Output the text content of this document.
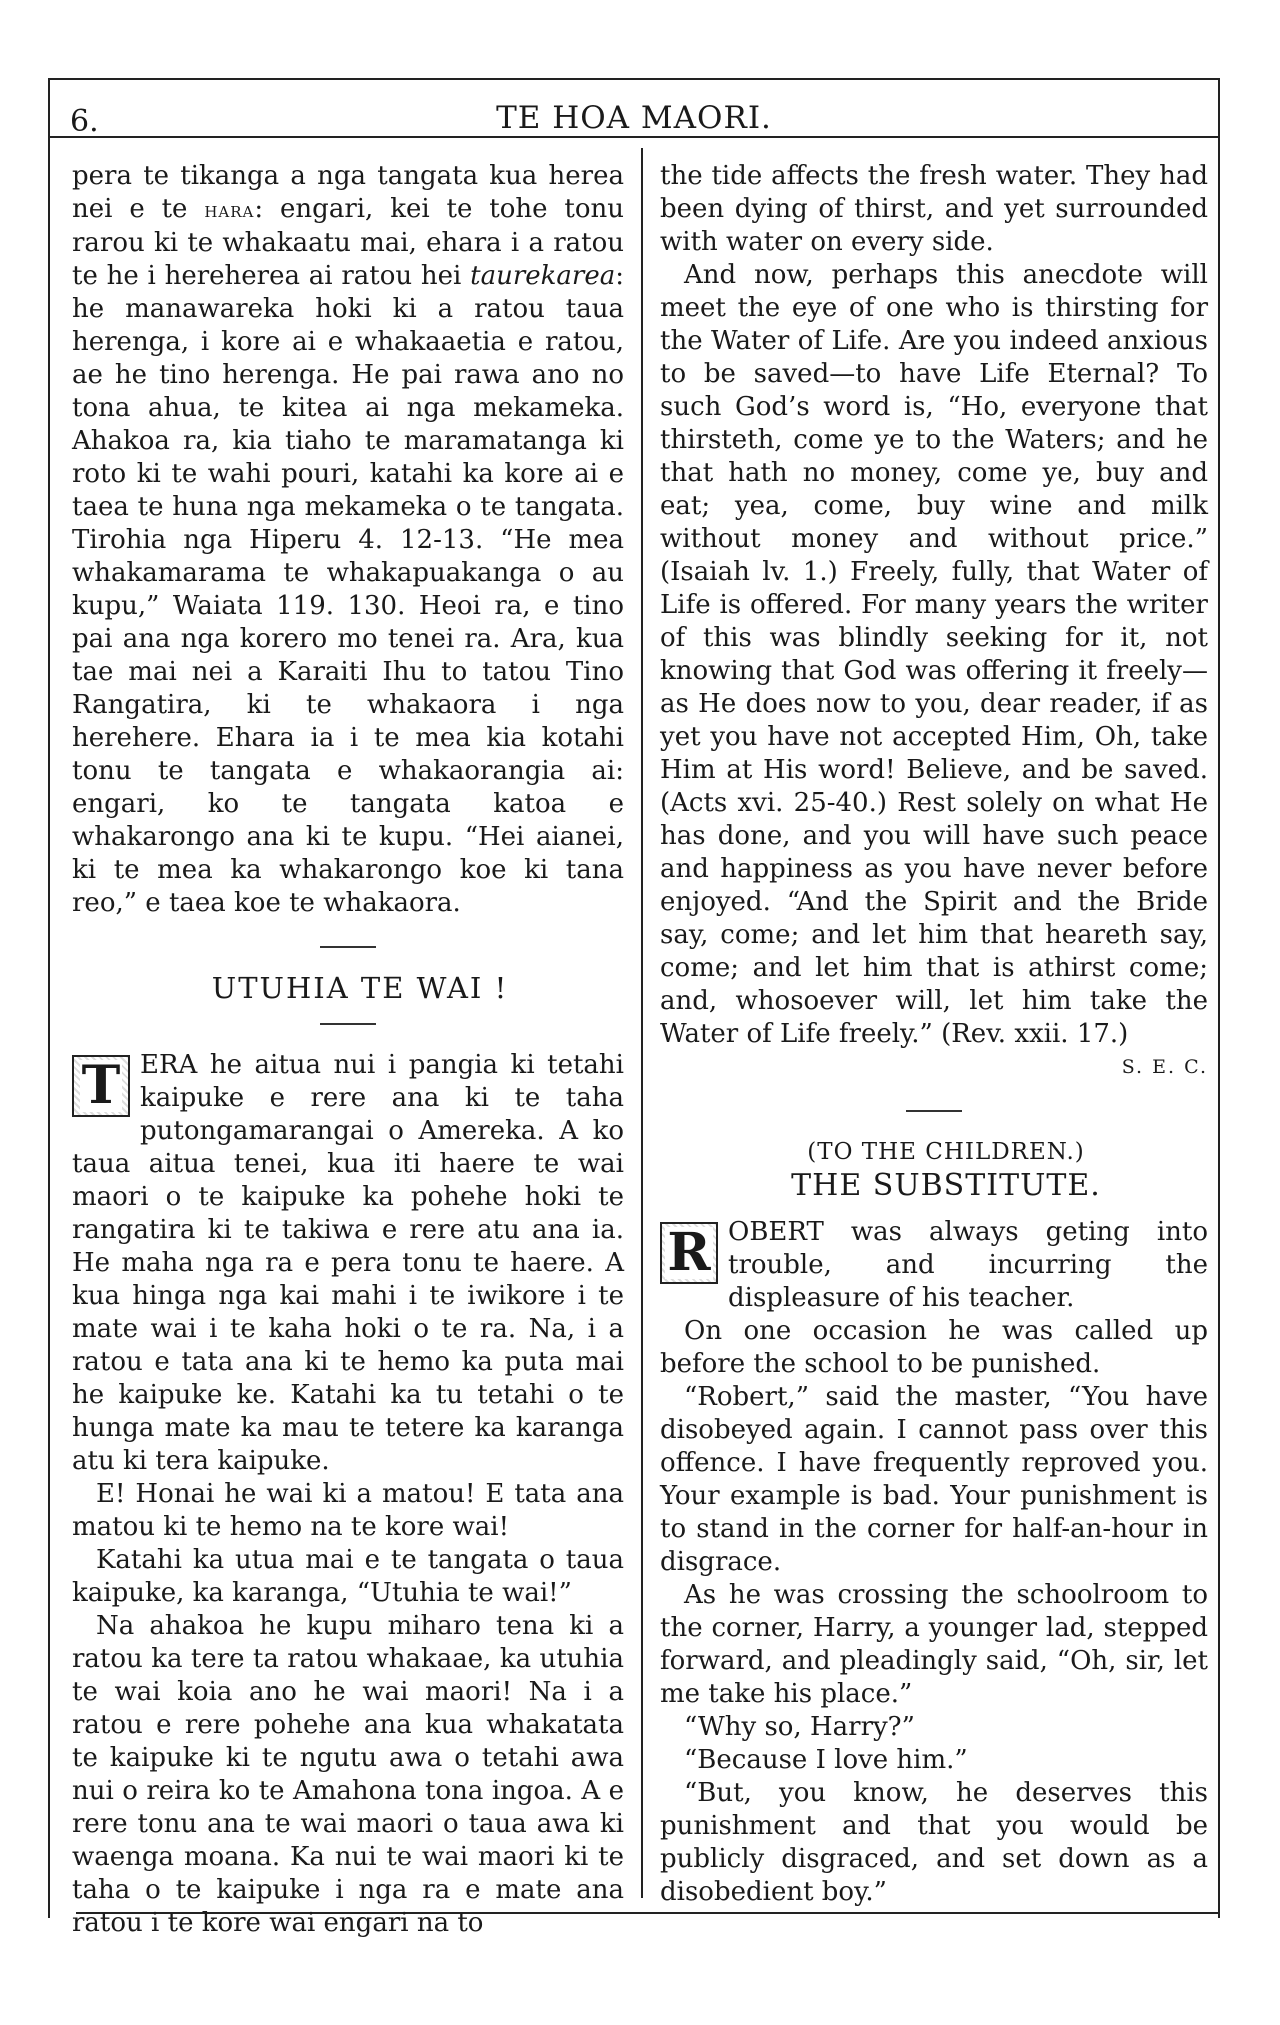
6.	TE HOA MAORI.

pera te tikanga a nga tangata kua herea nei e te hara: engari, kei te tohe tonu rarou ki te whakaatu mai, ehara i a ratou te he i hereherea ai ratou hei taurekarea: he manawareka hoki ki a ratou taua herenga, i kore ai e whakaaetia e ratou, ae he tino herenga. He pai rawa ano no tona ahua, te kitea ai nga mekameka. Ahakoa ra, kia tiaho te maramatanga ki roto ki te wahi pouri, katahi ka kore ai e taea te huna nga mekameka o te tangata. Tirohia nga Hiperu 4. 12-13. “He mea whakamarama te whakapuakanga o au kupu,” Waiata 119. 130. Heoi ra, e tino pai ana nga korero mo tenei ra. Ara, kua tae mai nei a Karaiti Ihu to tatou Tino Rangatira, ki te whakaora i nga herehere. Ehara ia i te mea kia kotahi tonu te tangata e whakaorangia ai: engari, ko te tangata katoa e whakarongo ana ki te kupu. “Hei aianei, ki te mea ka whakarongo koe ki tana reo,” e taea koe te whakaora.

UTUHIA TE WAI !

T ERA he aitua nui i pangia ki tetahi kaipuke e rere ana ki te taha putongamarangai o Amereka. A ko taua aitua tenei, kua iti haere te wai maori o te kaipuke ka pohehe hoki te rangatira ki te takiwa e rere atu ana ia. He maha nga ra e pera tonu te haere. A kua hinga nga kai mahi i te iwikore i te mate wai i te kaha hoki o te ra. Na, i a ratou e tata ana ki te hemo ka puta mai he kaipuke ke. Katahi ka tu tetahi o te hunga mate ka mau te tetere ka karanga atu ki tera kaipuke.

E! Honai he wai ki a matou! E tata ana matou ki te hemo na te kore wai!

Katahi ka utua mai e te tangata o taua kaipuke, ka karanga, “Utuhia te wai!”

Na ahakoa he kupu miharo tena ki a ratou ka tere ta ratou whakaae, ka utuhia te wai koia ano he wai maori! Na i a ratou e rere pohehe ana kua whakatata te kaipuke ki te ngutu awa o tetahi awa nui o reira ko te Amahona tona ingoa. A e rere tonu ana te wai maori o taua awa ki waenga moana. Ka nui te wai maori ki te taha o te kaipuke i nga ra e mate ana ratou i te kore wai engari na to

the tide affects the fresh water. They had been dying of thirst, and yet surrounded with water on every side.

And now, perhaps this anecdote will meet the eye of one who is thirsting for the Water of Life. Are you indeed anxious to be saved—to have Life Eternal? To such God’s word is, “Ho, everyone that thirsteth, come ye to the Waters; and he that hath no money, come ye, buy and eat; yea, come, buy wine and milk without money and without price.” (Isaiah lv. 1.) Freely, fully, that Water of Life is offered. For many years the writer of this was blindly seeking for it, not knowing that God was offering it freely—as He does now to you, dear reader, if as yet you have not accepted Him, Oh, take Him at His word! Believe, and be saved. (Acts xvi. 25-40.) Rest solely on what He has done, and you will have such peace and happiness as you have never before enjoyed. “And the Spirit and the Bride say, come; and let him that heareth say, come; and let him that is athirst come; and, whosoever will, let him take the Water of Life freely.” (Rev. xxii. 17.)

S. E. C.

(TO THE CHILDREN.)

THE SUBSTITUTE.

R OBERT was always geting into trouble, and incurring the displeasure of his teacher.

On one occasion he was called up before the school to be punished.

“Robert,” said the master, “You have disobeyed again. I cannot pass over this offence. I have frequently reproved you. Your example is bad. Your punishment is to stand in the corner for half-an-hour in disgrace.

As he was crossing the schoolroom to the corner, Harry, a younger lad, stepped forward, and pleadingly said, “Oh, sir, let me take his place.”

“Why so, Harry?”

“Because I love him.”

“But, you know, he deserves this punishment and that you would be publicly disgraced, and set down as a disobedient boy.”
